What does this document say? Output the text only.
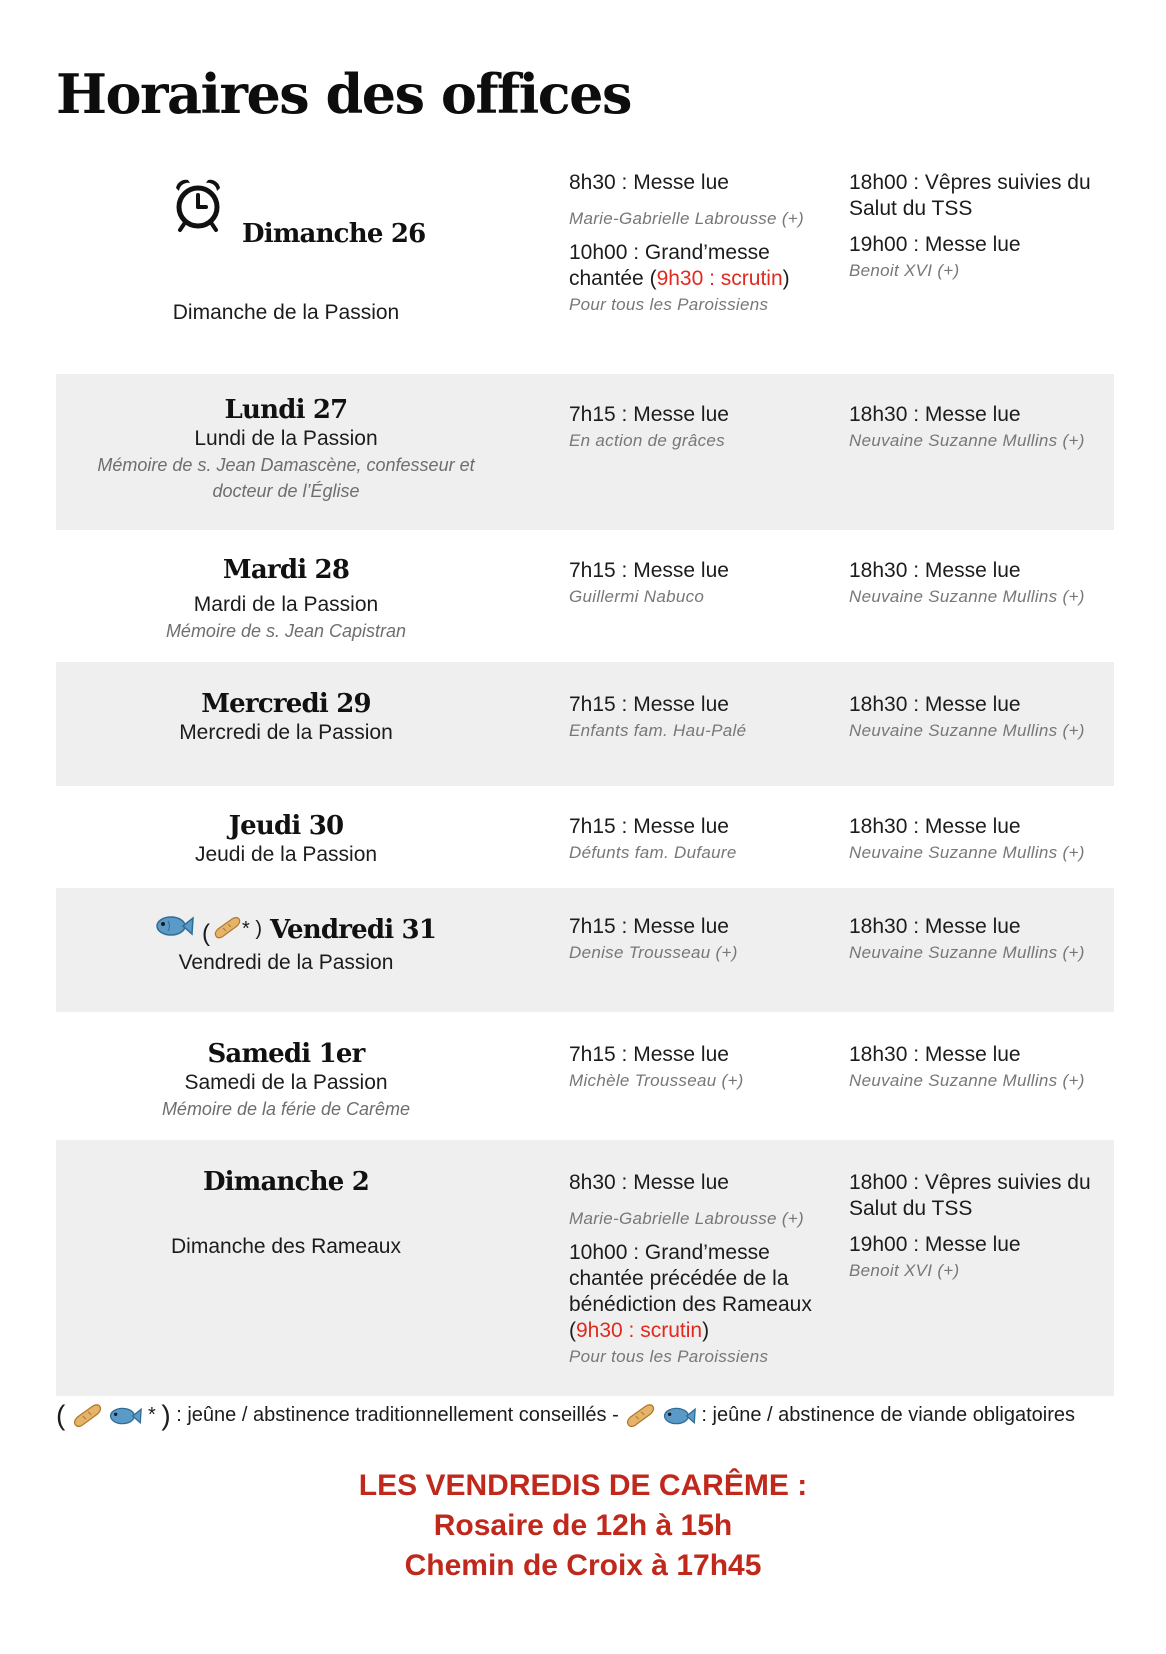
Horaires des offices
Dimanche 26
Dimanche de la Passion
8h30 : Messe lue
Marie-Gabrielle Labrousse (+)
10h00 : Grand’messe chantée (9h30 : scrutin)
Pour tous les Paroissiens
18h00 : Vêpres suivies du Salut du TSS
19h00 : Messe lue
Benoit XVI (+)
Lundi 27
Lundi de la Passion
Mémoire de s. Jean Damascène, confesseur et docteur de l’Église
7h15 : Messe lue
En action de grâces
18h30 : Messe lue
Neuvaine Suzanne Mullins (+)
Mardi 28
Mardi de la Passion
Mémoire de s. Jean Capistran
7h15 : Messe lue
Guillermi Nabuco
18h30 : Messe lue
Neuvaine Suzanne Mullins (+)
Mercredi 29
Mercredi de la Passion
7h15 : Messe lue
Enfants fam. Hau-Palé
18h30 : Messe lue
Neuvaine Suzanne Mullins (+)
Jeudi 30
Jeudi de la Passion
7h15 : Messe lue
Défunts fam. Dufaure
18h30 : Messe lue
Neuvaine Suzanne Mullins (+)
( * ) Vendredi 31
Vendredi de la Passion
7h15 : Messe lue
Denise Trousseau (+)
18h30 : Messe lue
Neuvaine Suzanne Mullins (+)
Samedi 1er
Samedi de la Passion
Mémoire de la férie de Carême
7h15 : Messe lue
Michèle Trousseau (+)
18h30 : Messe lue
Neuvaine Suzanne Mullins (+)
Dimanche 2
Dimanche des Rameaux
8h30 : Messe lue
Marie-Gabrielle Labrousse (+)
10h00 : Grand’messe chantée précédée de la bénédiction des Rameaux (9h30 : scrutin)
Pour tous les Paroissiens
18h00 : Vêpres suivies du Salut du TSS
19h00 : Messe lue
Benoit XVI (+)
(	* ) : jeûne / abstinence traditionnellement conseillés -	: jeûne / abstinence de viande obligatoires
LES VENDREDIS DE CARÊME :
Rosaire de 12h à 15h
Chemin de Croix à 17h45
